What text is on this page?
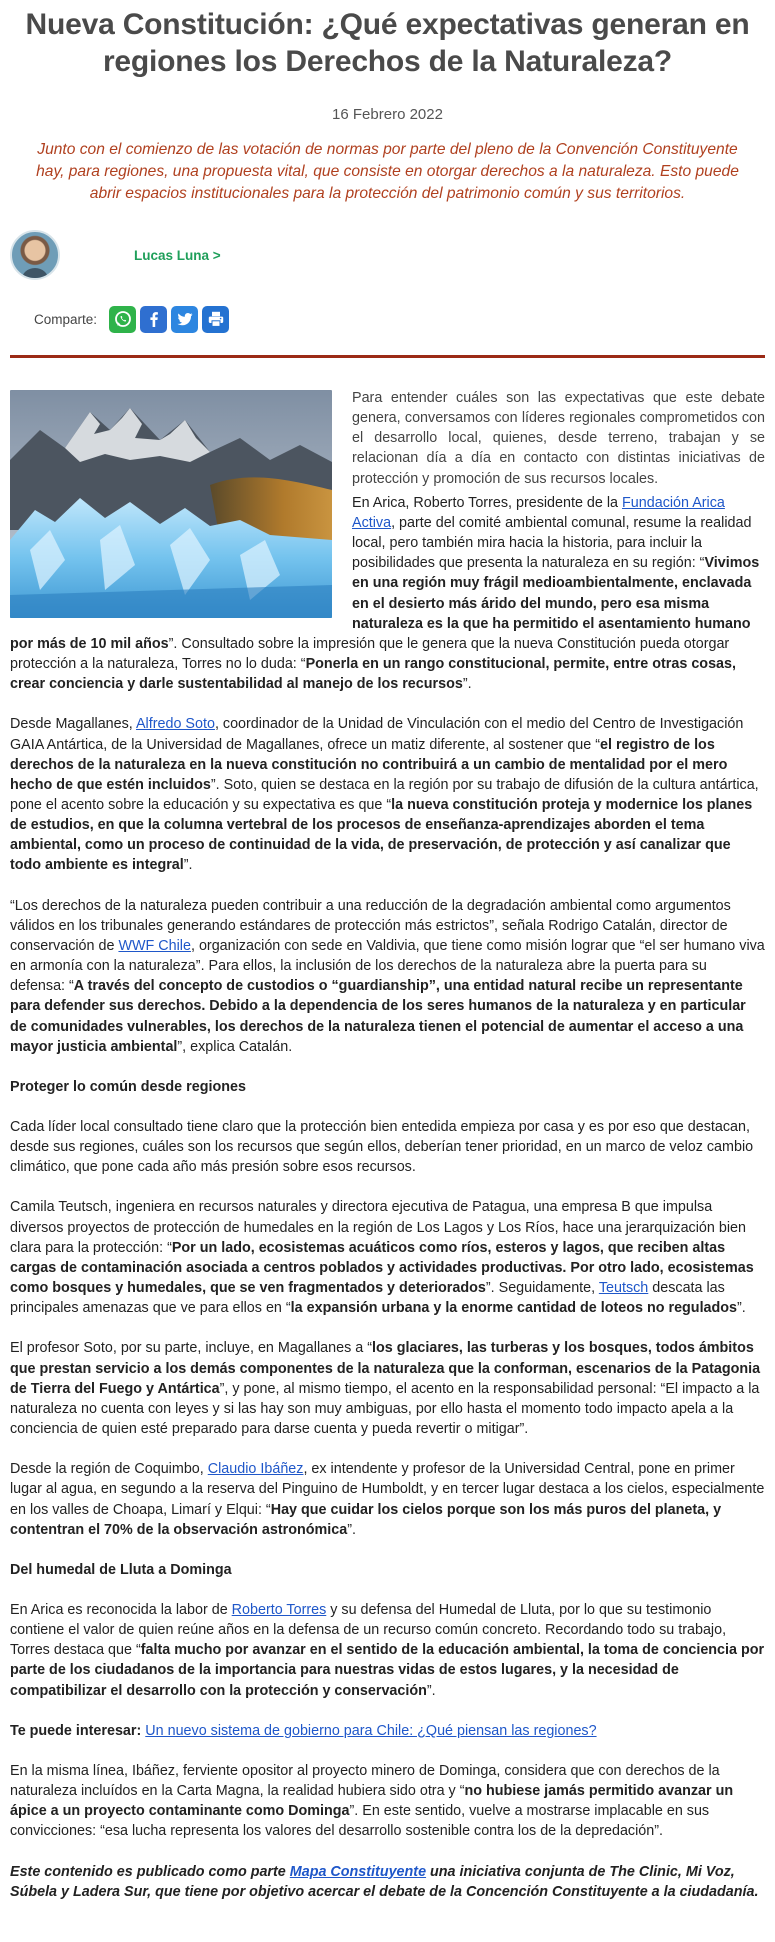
Nueva Constitución: ¿Qué expectativas generan en regiones los Derechos de la Naturaleza?
16 Febrero 2022
Junto con el comienzo de las votación de normas por parte del pleno de la Convención Constituyente hay, para regiones, una propuesta vital, que consiste en otorgar derechos a la naturaleza. Esto puede abrir espacios institucionales para la protección del patrimonio común y sus territorios.
Lucas Luna >
Comparte:

Para entender cuáles son las expectativas que este debate genera, conversamos con líderes regionales comprometidos con el desarrollo local, quienes, desde terreno, trabajan y se relacionan día a día en contacto con distintas iniciativas de protección y promoción de sus recursos locales.

En Arica, Roberto Torres, presidente de la Fundación Arica Activa, parte del comité ambiental comunal, resume la realidad local, pero también mira hacia la historia, para incluir la posibilidades que presenta la naturaleza en su región: “Vivimos en una región muy frágil medioambientalmente, enclavada en el desierto más árido del mundo, pero esa misma naturaleza es la que ha permitido el asentamiento humano por más de 10 mil años”. Consultado sobre la impresión que le genera que la nueva Constitución pueda otorgar protección a la naturaleza, Torres no lo duda: “Ponerla en un rango constitucional, permite, entre otras cosas, crear conciencia y darle sustentabilidad al manejo de los recursos”.

Desde Magallanes, Alfredo Soto, coordinador de la Unidad de Vinculación con el medio del Centro de Investigación GAIA Antártica, de la Universidad de Magallanes, ofrece un matiz diferente, al sostener que “el registro de los derechos de la naturaleza en la nueva constitución no contribuirá a un cambio de mentalidad por el mero hecho de que estén incluidos”. Soto, quien se destaca en la región por su trabajo de difusión de la cultura antártica, pone el acento sobre la educación y su expectativa es que “la nueva constitución proteja y modernice los planes de estudios, en que la columna vertebral de los procesos de enseñanza-aprendizajes aborden el tema ambiental, como un proceso de continuidad de la vida, de preservación, de protección y así canalizar que todo ambiente es integral”.

“Los derechos de la naturaleza pueden contribuir a una reducción de la degradación ambiental como argumentos válidos en los tribunales generando estándares de protección más estrictos”, señala Rodrigo Catalán, director de conservación de WWF Chile, organización con sede en Valdivia, que tiene como misión lograr que “el ser humano viva en armonía con la naturaleza”. Para ellos, la inclusión de los derechos de la naturaleza abre la puerta para su defensa: “A través del concepto de custodios o “guardianship”, una entidad natural recibe un representante para defender sus derechos. Debido a la dependencia de los seres humanos de la naturaleza y en particular de comunidades vulnerables, los derechos de la naturaleza tienen el potencial de aumentar el acceso a una mayor justicia ambiental”, explica Catalán.

Proteger lo común desde regiones

Cada líder local consultado tiene claro que la protección bien entedida empieza por casa y es por eso que destacan, desde sus regiones, cuáles son los recursos que según ellos, deberían tener prioridad, en un marco de veloz cambio climático, que pone cada año más presión sobre esos recursos.

Camila Teutsch, ingeniera en recursos naturales y directora ejecutiva de Patagua, una empresa B que impulsa diversos proyectos de protección de humedales en la región de Los Lagos y Los Ríos, hace una jerarquización bien clara para la protección: “Por un lado, ecosistemas acuáticos como ríos, esteros y lagos, que reciben altas cargas de contaminación asociada a centros poblados y actividades productivas. Por otro lado, ecosistemas como bosques y humedales, que se ven fragmentados y deteriorados”. Seguidamente, Teutsch descata las principales amenazas que ve para ellos en “la expansión urbana y la enorme cantidad de loteos no regulados”.

El profesor Soto, por su parte, incluye, en Magallanes a “los glaciares, las turberas y los bosques, todos ámbitos que prestan servicio a los demás componentes de la naturaleza que la conforman, escenarios de la Patagonia de Tierra del Fuego y Antártica”, y pone, al mismo tiempo, el acento en la responsabilidad personal: “El impacto a la naturaleza no cuenta con leyes y si las hay son muy ambiguas, por ello hasta el momento todo impacto apela a la conciencia de quien esté preparado para darse cuenta y pueda revertir o mitigar”.

Desde la región de Coquimbo, Claudio Ibáñez, ex intendente y profesor de la Universidad Central, pone en primer lugar al agua, en segundo a la reserva del Pinguino de Humboldt, y en tercer lugar destaca a los cielos, especialmente en los valles de Choapa, Limarí y Elqui: “Hay que cuidar los cielos porque son los más puros del planeta, y contentran el 70% de la observación astronómica”.

Del humedal de Lluta a Dominga

En Arica es reconocida la labor de Roberto Torres y su defensa del Humedal de Lluta, por lo que su testimonio contiene el valor de quien reúne años en la defensa de un recurso común concreto. Recordando todo su trabajo, Torres destaca que “falta mucho por avanzar en el sentido de la educación ambiental, la toma de conciencia por parte de los ciudadanos de la importancia para nuestras vidas de estos lugares, y la necesidad de compatibilizar el desarrollo con la protección y conservación”.

Te puede interesar: Un nuevo sistema de gobierno para Chile: ¿Qué piensan las regiones?

En la misma línea, Ibáñez, ferviente opositor al proyecto minero de Dominga, considera que con derechos de la naturaleza incluídos en la Carta Magna, la realidad hubiera sido otra y “no hubiese jamás permitido avanzar un ápice a un proyecto contaminante como Dominga”. En este sentido, vuelve a mostrarse implacable en sus convicciones: “esa lucha representa los valores del desarrollo sostenible contra los de la depredación”.

Este contenido es publicado como parte Mapa Constituyente una iniciativa conjunta de The Clinic, Mi Voz, Súbela y Ladera Sur, que tiene por objetivo acercar el debate de la Concención Constituyente a la ciudadanía.
